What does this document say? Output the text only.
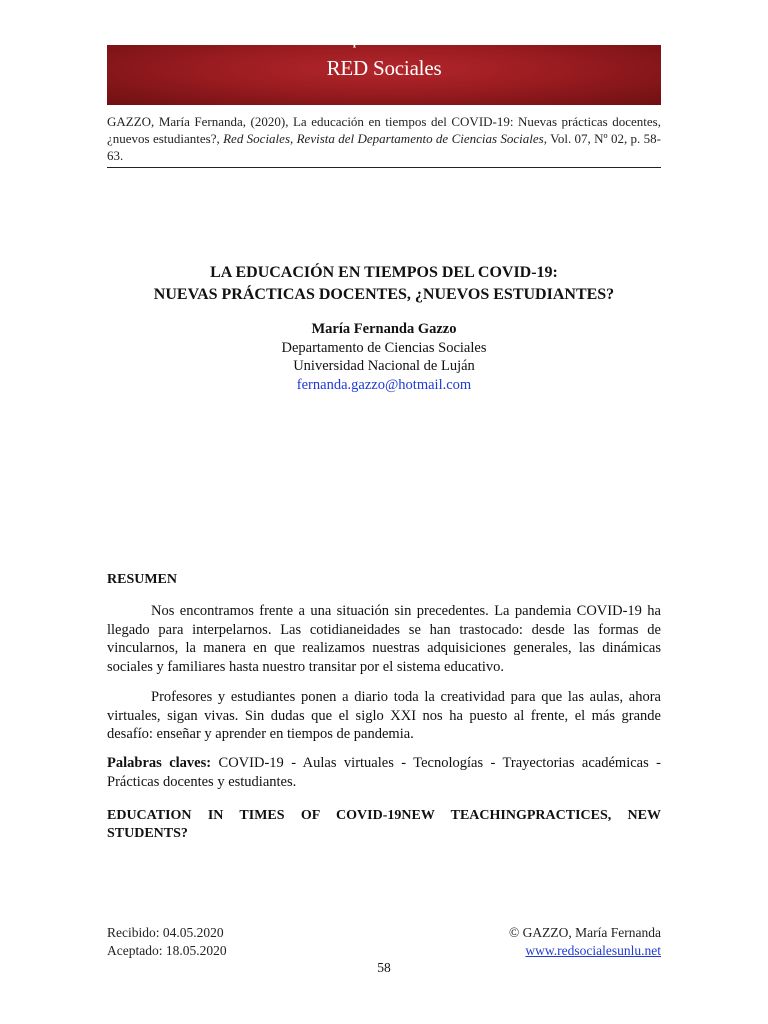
RED Sociales
Revista Electrónica del Departamento de Ciencias Sociales UNLu
GAZZO, María Fernanda, (2020), La educación en tiempos del COVID-19: Nuevas prácticas docentes, ¿nuevos estudiantes?, Red Sociales, Revista del Departamento de Ciencias Sociales, Vol. 07, Nº 02, p. 58-63.
LA EDUCACIÓN EN TIEMPOS DEL COVID-19:
NUEVAS PRÁCTICAS DOCENTES, ¿NUEVOS ESTUDIANTES?
María Fernanda Gazzo
Departamento de Ciencias Sociales
Universidad Nacional de Luján
fernanda.gazzo@hotmail.com
RESUMEN

Nos encontramos frente a una situación sin precedentes. La pandemia COVID-19 ha llegado para interpelarnos. Las cotidianeidades se han trastocado: desde las formas de vincularnos, la manera en que realizamos nuestras adquisiciones generales, las dinámicas sociales y familiares hasta nuestro transitar por el sistema educativo.

Profesores y estudiantes ponen a diario toda la creatividad para que las aulas, ahora virtuales, sigan vivas. Sin dudas que el siglo XXI nos ha puesto al frente, el más grande desafío: enseñar y aprender en tiempos de pandemia.

Palabras claves: COVID-19 - Aulas virtuales - Tecnologías - Trayectorias académicas - Prácticas docentes y estudiantes.

EDUCATION IN TIMES OF COVID-19NEW TEACHINGPRACTICES, NEW STUDENTS?
Recibido: 04.05.2020
Aceptado: 18.05.2020
© GAZZO, María Fernanda
www.redsocialesunlu.net
58
